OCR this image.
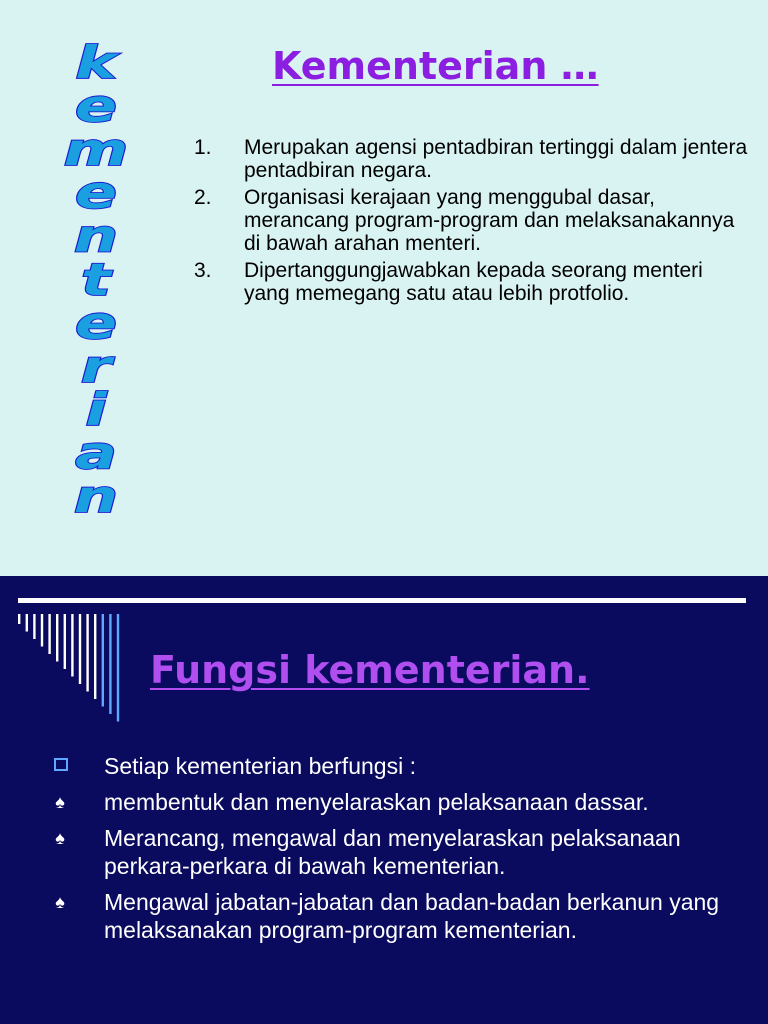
k
e
m
e
n
t
e
r
i
a
n
Kementerian …
1. Merupakan agensi pentadbiran tertinggi dalam jentera pentadbiran negara.
2. Organisasi kerajaan yang menggubal dasar, merancang program-program dan melaksanakannya di bawah arahan menteri.
3. Dipertanggungjawabkan kepada seorang menteri yang memegang satu atau lebih protfolio.
Fungsi kementerian.
Setiap kementerian berfungsi :
♠ membentuk dan menyelaraskan pelaksanaan dassar.
♠ Merancang, mengawal dan menyelaraskan pelaksanaan perkara-perkara di bawah kementerian.
♠ Mengawal jabatan-jabatan dan badan-badan berkanun yang melaksanakan program-program kementerian.
